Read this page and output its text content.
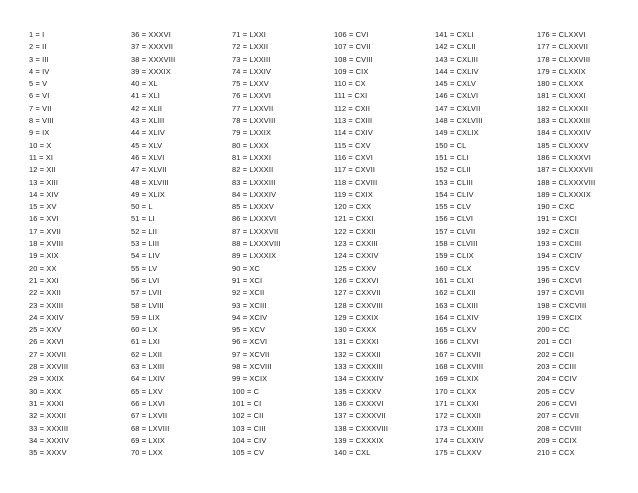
1 = I
2 = II
3 = III
4 = IV
5 = V
6 = VI
7 = VII
8 = VIII
9 = IX
10 = X
11 = XI
12 = XII
13 = XIII
14 = XIV
15 = XV
16 = XVI
17 = XVII
18 = XVIII
19 = XIX
20 = XX
21 = XXI
22 = XXII
23 = XXIII
24 = XXIV
25 = XXV
26 = XXVI
27 = XXVII
28 = XXVIII
29 = XXIX
30 = XXX
31 = XXXI
32 = XXXII
33 = XXXIII
34 = XXXIV
35 = XXXV
36 = XXXVI
37 = XXXVII
38 = XXXVIII
39 = XXXIX
40 = XL
41 = XLI
42 = XLII
43 = XLIII
44 = XLIV
45 = XLV
46 = XLVI
47 = XLVII
48 = XLVIII
49 = XLIX
50 = L
51 = LI
52 = LII
53 = LIII
54 = LIV
55 = LV
56 = LVI
57 = LVII
58 = LVIII
59 = LIX
60 = LX
61 = LXI
62 = LXII
63 = LXIII
64 = LXIV
65 = LXV
66 = LXVI
67 = LXVII
68 = LXVIII
69 = LXIX
70 = LXX
71 = LXXI
72 = LXXII
73 = LXXIII
74 = LXXIV
75 = LXXV
76 = LXXVI
77 = LXXVII
78 = LXXVIII
79 = LXXIX
80 = LXXX
81 = LXXXI
82 = LXXXII
83 = LXXXIII
84 = LXXXIV
85 = LXXXV
86 = LXXXVI
87 = LXXXVII
88 = LXXXVIII
89 = LXXXIX
90 = XC
91 = XCI
92 = XCII
93 = XCIII
94 = XCIV
95 = XCV
96 = XCVI
97 = XCVII
98 = XCVIII
99 = XCIX
100 = C
101 = CI
102 = CII
103 = CIII
104 = CIV
105 = CV
106 = CVI
107 = CVII
108 = CVIII
109 = CIX
110 = CX
111 = CXI
112 = CXII
113 = CXIII
114 = CXIV
115 = CXV
116 = CXVI
117 = CXVII
118 = CXVIII
119 = CXIX
120 = CXX
121 = CXXI
122 = CXXII
123 = CXXIII
124 = CXXIV
125 = CXXV
126 = CXXVI
127 = CXXVII
128 = CXXVIII
129 = CXXIX
130 = CXXX
131 = CXXXI
132 = CXXXII
133 = CXXXIII
134 = CXXXIV
135 = CXXXV
136 = CXXXVI
137 = CXXXVII
138 = CXXXVIII
139 = CXXXIX
140 = CXL
141 = CXLI
142 = CXLII
143 = CXLIII
144 = CXLIV
145 = CXLV
146 = CXLVI
147 = CXLVII
148 = CXLVIII
149 = CXLIX
150 = CL
151 = CLI
152 = CLII
153 = CLIII
154 = CLIV
155 = CLV
156 = CLVI
157 = CLVII
158 = CLVIII
159 = CLIX
160 = CLX
161 = CLXI
162 = CLXII
163 = CLXIII
164 = CLXIV
165 = CLXV
166 = CLXVI
167 = CLXVII
168 = CLXVIII
169 = CLXIX
170 = CLXX
171 = CLXXI
172 = CLXXII
173 = CLXXIII
174 = CLXXIV
175 = CLXXV
176 = CLXXVI
177 = CLXXVII
178 = CLXXVIII
179 = CLXXIX
180 = CLXXX
181 = CLXXXI
182 = CLXXXII
183 = CLXXXIII
184 = CLXXXIV
185 = CLXXXV
186 = CLXXXVI
187 = CLXXXVII
188 = CLXXXVIII
189 = CLXXXIX
190 = CXC
191 = CXCI
192 = CXCII
193 = CXCIII
194 = CXCIV
195 = CXCV
196 = CXCVI
197 = CXCVII
198 = CXCVIII
199 = CXCIX
200 = CC
201 = CCI
202 = CCII
203 = CCIII
204 = CCIV
205 = CCV
206 = CCVI
207 = CCVII
208 = CCVIII
209 = CCIX
210 = CCX
